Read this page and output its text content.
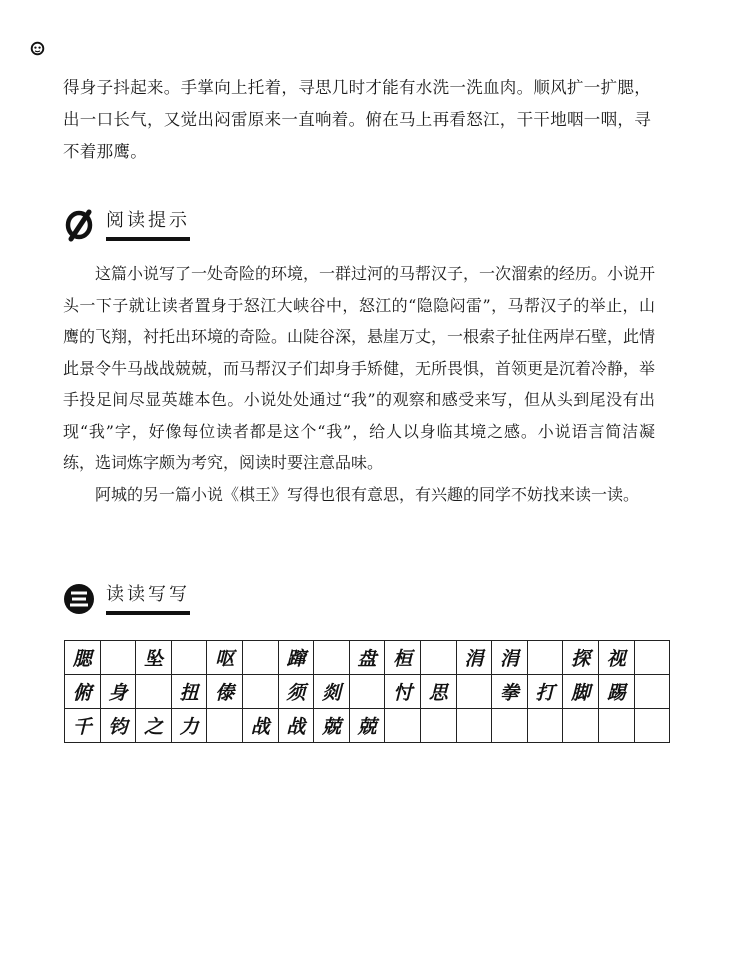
得身子抖起来。手掌向上托着，寻思几时才能有水洗一洗血肉。顺风扩一扩腮，出一口长气，又觉出闷雷原来一直响着。俯在马上再看怒江，干干地咽一咽，寻不着那鹰。

阅读提示

这篇小说写了一处奇险的环境，一群过河的马帮汉子，一次溜索的经历。小说开头一下子就让读者置身于怒江大峡谷中，怒江的“隐隐闷雷”，马帮汉子的举止，山鹰的飞翔，衬托出环境的奇险。山陡谷深，悬崖万丈，一根索子扯住两岸石壁，此情此景令牛马战战兢兢，而马帮汉子们却身手矫健，无所畏惧，首领更是沉着冷静，举手投足间尽显英雄本色。小说处处通过“我”的观察和感受来写，但从头到尾没有出现“我”字，好像每位读者都是这个“我”，给人以身临其境之感。小说语言简洁凝练，选词炼字颇为考究，阅读时要注意品味。

阿城的另一篇小说《棋王》写得也很有意思，有兴趣的同学不妨找来读一读。

读读写写
腮		坠		呕		蹿		盘	桓		涓	涓		探	视	
俯	身		扭	傣		须	剡		忖	思		拳	打	脚	踢	
千	钧	之	力		战	战	兢	兢								
